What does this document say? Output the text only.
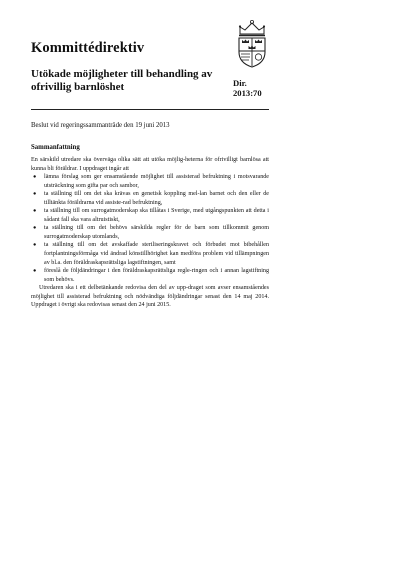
Kommittédirektiv
Utökade möjligheter till behandling av ofrivillig barnlöshet	Dir.
2013:70
Beslut vid regeringssammanträde den 19 juni 2013
Sammanfattning

En särskild utredare ska överväga olika sätt att utöka möjlig-heterna för ofrivilligt barnlösa att kunna bli föräldrar. I uppdraget ingår att

● lämna förslag som ger ensamstående möjlighet till assisterad befruktning i motsvarande utsträckning som gifta par och sambor,
● ta ställning till om det ska krävas en genetisk koppling mel-lan barnet och den eller de tilltänkta föräldrarna vid assiste-rad befruktning,
● ta ställning till om surrogatmoderskap ska tillåtas i Sverige, med utgångspunkten att detta i sådant fall ska vara altruistiskt,
● ta ställning till om det behövs särskilda regler för de barn som tillkommit genom surrogatmoderskap utomlands,
● ta ställning till om det avskaffade steriliseringskravet och förbudet mot bibehållen fortplantningsförmåga vid ändrad könstillhörighet kan medföra problem vid tillämpningen av bl.a. den föräldraskapsrättsliga lagstiftningen, samt
● föreslå de följdändringar i den föräldraskapsrättsliga regle-ringen och i annan lagstiftning som behövs.

Utredaren ska i ett delbetänkande redovisa den del av upp-draget som avser ensamståendes möjlighet till assisterad befruktning och nödvändiga följdändringar senast den 14 maj 2014. Uppdraget i övrigt ska redovisas senast den 24 juni 2015.
